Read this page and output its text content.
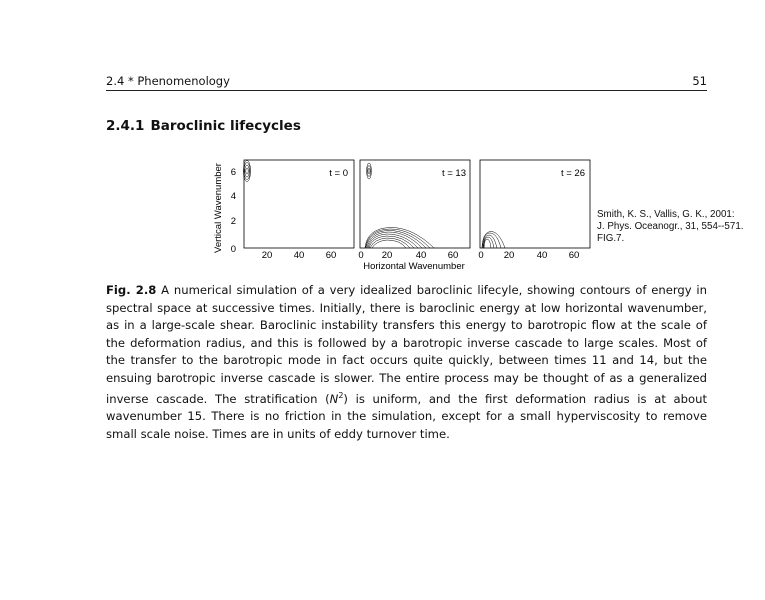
2.4 * Phenomenology	51
2.4.1 Baroclinic lifecycles
Vertical Wavenumber	t = 0
6
4
2
0
20 40 60
t = 13
0 20 40 60
Horizontal Wavenumber
t = 26
0 20 40 60
Smith, K. S., Vallis, G. K., 2001:
J. Phys. Oceanogr., 31, 554--571.
FIG.7.
Fig. 2.8 A numerical simulation of a very idealized baroclinic lifecyle, showing contours of energy in spectral space at successive times. Initially, there is baroclinic energy at low horizontal wavenumber, as in a large-scale shear. Baroclinic instability transfers this energy to barotropic flow at the scale of the deformation radius, and this is followed by a barotropic inverse cascade to large scales. Most of the transfer to the barotropic mode in fact occurs quite quickly, between times 11 and 14, but the ensuing barotropic inverse cascade is slower. The entire process may be thought of as a generalized inverse cascade. The stratification $(N^2)$ is uniform, and the first deformation radius is at about wavenumber 15. There is no friction in the simulation, except for a small hyperviscosity to remove small scale noise. Times are in units of eddy turnover time.
